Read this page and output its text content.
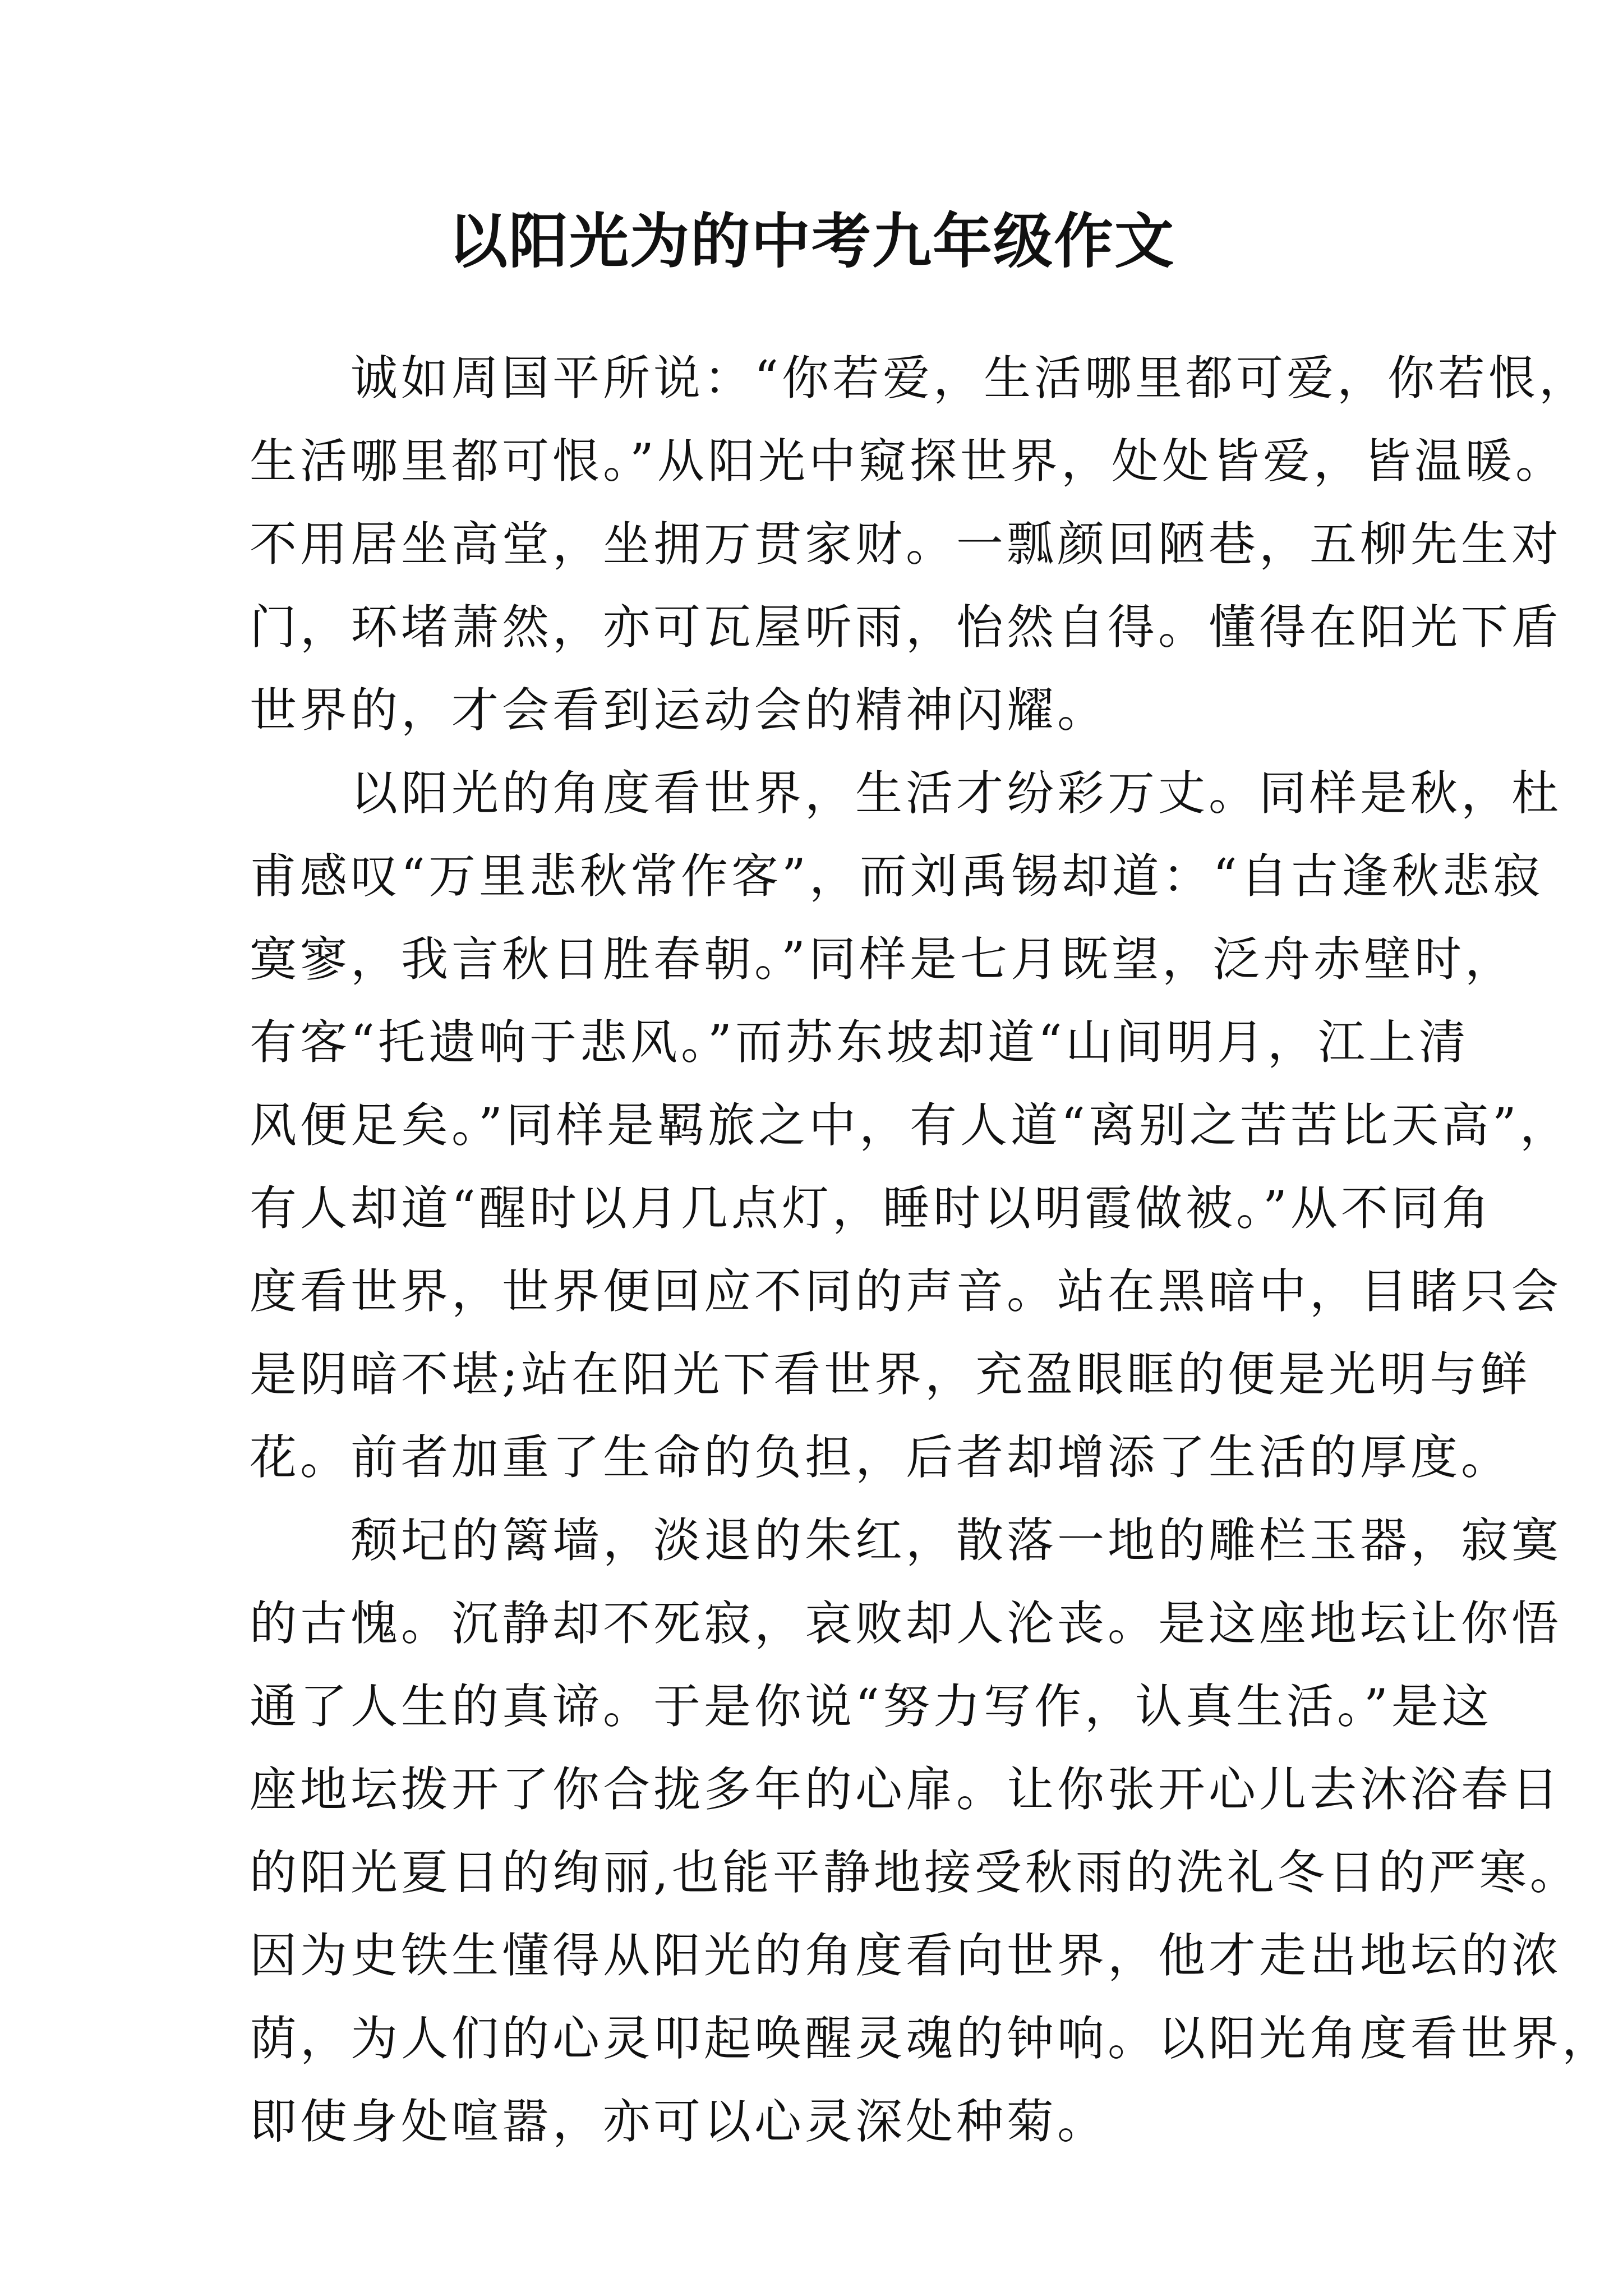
以阳光为的中考九年级作文
　　诚如周国平所说：“你若爱，生活哪里都可爱，你若恨，
生活哪里都可恨。”从阳光中窥探世界，处处皆爱，皆温暖。
不用居坐高堂，坐拥万贯家财。一瓢颜回陋巷，五柳先生对
门，环堵萧然，亦可瓦屋听雨，怡然自得。懂得在阳光下盾
世界的，才会看到运动会的精神闪耀。
　　以阳光的角度看世界，生活才纷彩万丈。同样是秋，杜
甫感叹“万里悲秋常作客”，而刘禹锡却道：“自古逢秋悲寂
寞寥，我言秋日胜春朝。”同样是七月既望，泛舟赤壁时，
有客“托遗响于悲风。”而苏东坡却道“山间明月，江上清
风便足矣。”同样是羁旅之中，有人道“离别之苦苦比天高”，
有人却道“醒时以月几点灯，睡时以明霞做被。”从不同角
度看世界，世界便回应不同的声音。站在黑暗中，目睹只会
是阴暗不堪;站在阳光下看世界，充盈眼眶的便是光明与鲜
花。前者加重了生命的负担，后者却增添了生活的厚度。
　　颓圮的篱墙，淡退的朱红，散落一地的雕栏玉器，寂寞
的古愧。沉静却不死寂，哀败却人沦丧。是这座地坛让你悟
通了人生的真谛。于是你说“努力写作，认真生活。”是这
座地坛拨开了你合拢多年的心扉。让你张开心儿去沐浴春日
的阳光夏日的绚丽,也能平静地接受秋雨的洗礼冬日的严寒。
因为史铁生懂得从阳光的角度看向世界，他才走出地坛的浓
荫，为人们的心灵叩起唤醒灵魂的钟响。以阳光角度看世界，
即使身处喧嚣，亦可以心灵深处种菊。
